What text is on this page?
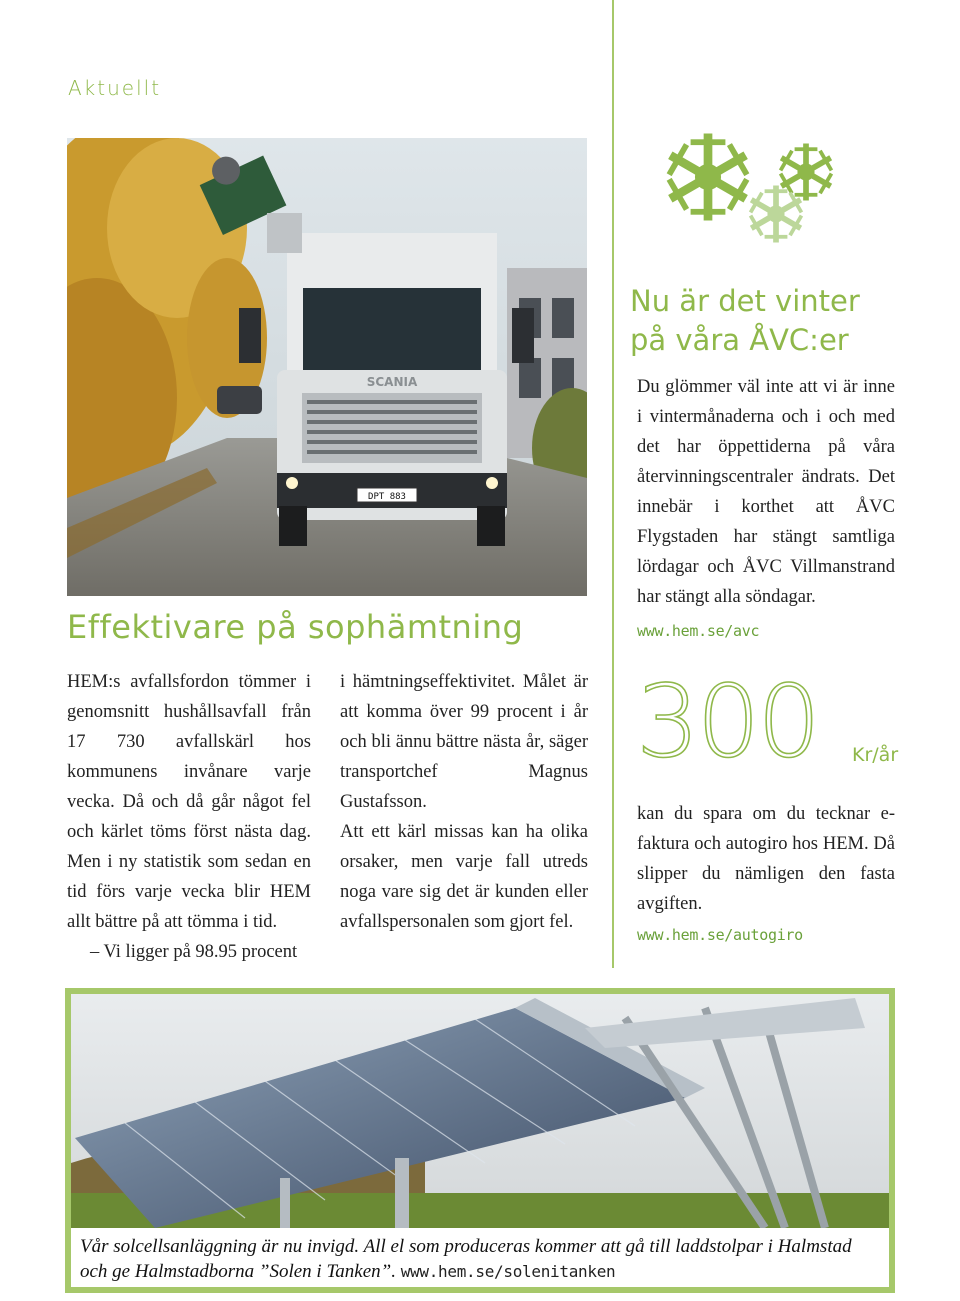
Aktuellt
SCANIA
DPT 883
Effektivare på sophämtning

HEM:s avfallsfordon tömmer i genomsnitt hushållsavfall från 17 730 avfallskärl hos kommunens invånare varje vecka. Då och då går något fel och kärlet töms först nästa dag. Men i ny statistik som sedan en tid förs varje vecka blir HEM allt bättre på att tömma i tid.

– Vi ligger på 98.95 procent

i hämtningseffektivitet. Målet är att komma över 99 procent i år och bli ännu bättre nästa år, säger transportchef Magnus Gustafsson.

Att ett kärl missas kan ha olika orsaker, men varje fall utreds noga vare sig det är kunden eller avfallspersonalen som gjort fel.

Nu är det vinter
på våra ÅVC:er
Du glömmer väl inte att vi är inne i vintermånaderna och i och med det har öppettiderna på våra återvinningscentraler ändrats. Det innebär i korthet att ÅVC Flygstaden har stängt samtliga lördagar och ÅVC Villmanstrand har stängt alla söndagar.
www.hem.se/avc
300 Kr/år
kan du spara om du tecknar e-faktura och autogiro hos HEM. Då slipper du nämligen den fasta avgiften.
www.hem.se/autogiro
Vår solcellsanläggning är nu invigd. All el som produceras kommer att gå till laddstolpar i Halmstad och ge Halmstadborna ”Solen i Tanken”. www.hem.se/solenitanken
